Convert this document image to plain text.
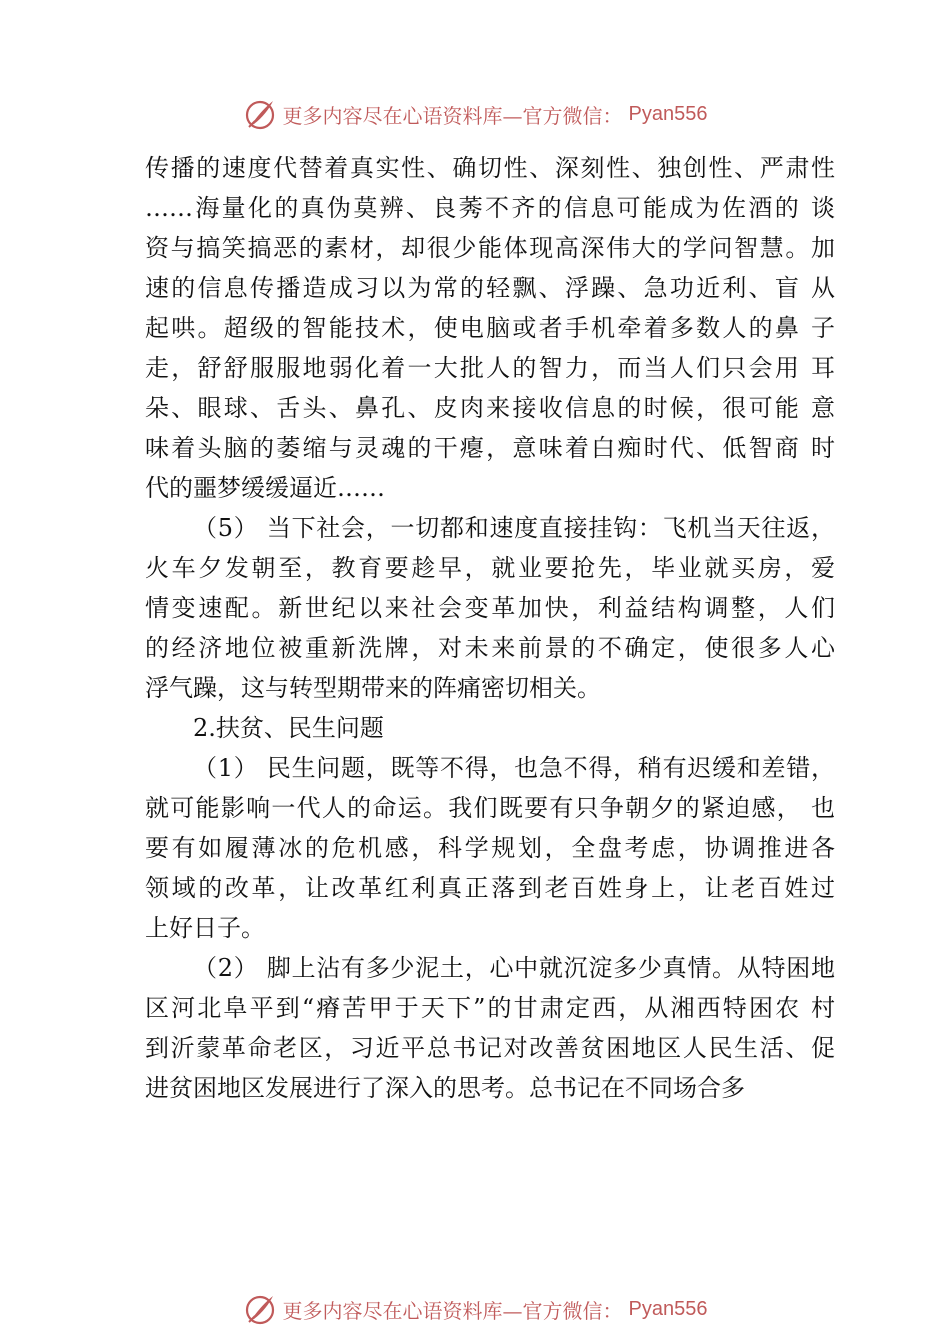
更多内容尽在心语资料库—官方微信： Pyan556
传播的速度代替着真实性、确切性、深刻性、独创性、严肃性
……海量化的真伪莫辨、良莠不齐的信息可能成为佐酒的 谈
资与搞笑搞恶的素材，却很少能体现高深伟大的学问智慧。加
速的信息传播造成习以为常的轻飘、浮躁、急功近利、盲 从
起哄。超级的智能技术，使电脑或者手机牵着多数人的鼻 子
走，舒舒服服地弱化着一大批人的智力，而当人们只会用 耳
朵、眼球、舌头、鼻孔、皮肉来接收信息的时候，很可能 意
味着头脑的萎缩与灵魂的干瘪，意味着白痴时代、低智商 时
代的噩梦缓缓逼近……
（5） 当下社会，一切都和速度直接挂钩：飞机当天往返，
火车夕发朝至，教育要趁早，就业要抢先，毕业就买房，爱
情变速配。新世纪以来社会变革加快，利益结构调整，人们
的经济地位被重新洗牌，对未来前景的不确定，使很多人心
浮气躁，这与转型期带来的阵痛密切相关。
2.扶贫、民生问题
（1） 民生问题，既等不得，也急不得，稍有迟缓和差错，
就可能影响一代人的命运。我们既要有只争朝夕的紧迫感， 也
要有如履薄冰的危机感，科学规划，全盘考虑，协调推进各
领域的改革，让改革红利真正落到老百姓身上，让老百姓过
上好日子。
（2） 脚上沾有多少泥土，心中就沉淀多少真情。从特困地
区河北阜平到“瘠苦甲于天下”的甘肃定西，从湘西特困农 村
到沂蒙革命老区，习近平总书记对改善贫困地区人民生活、促
进贫困地区发展进行了深入的思考。总书记在不同场合多
更多内容尽在心语资料库—官方微信： Pyan556
